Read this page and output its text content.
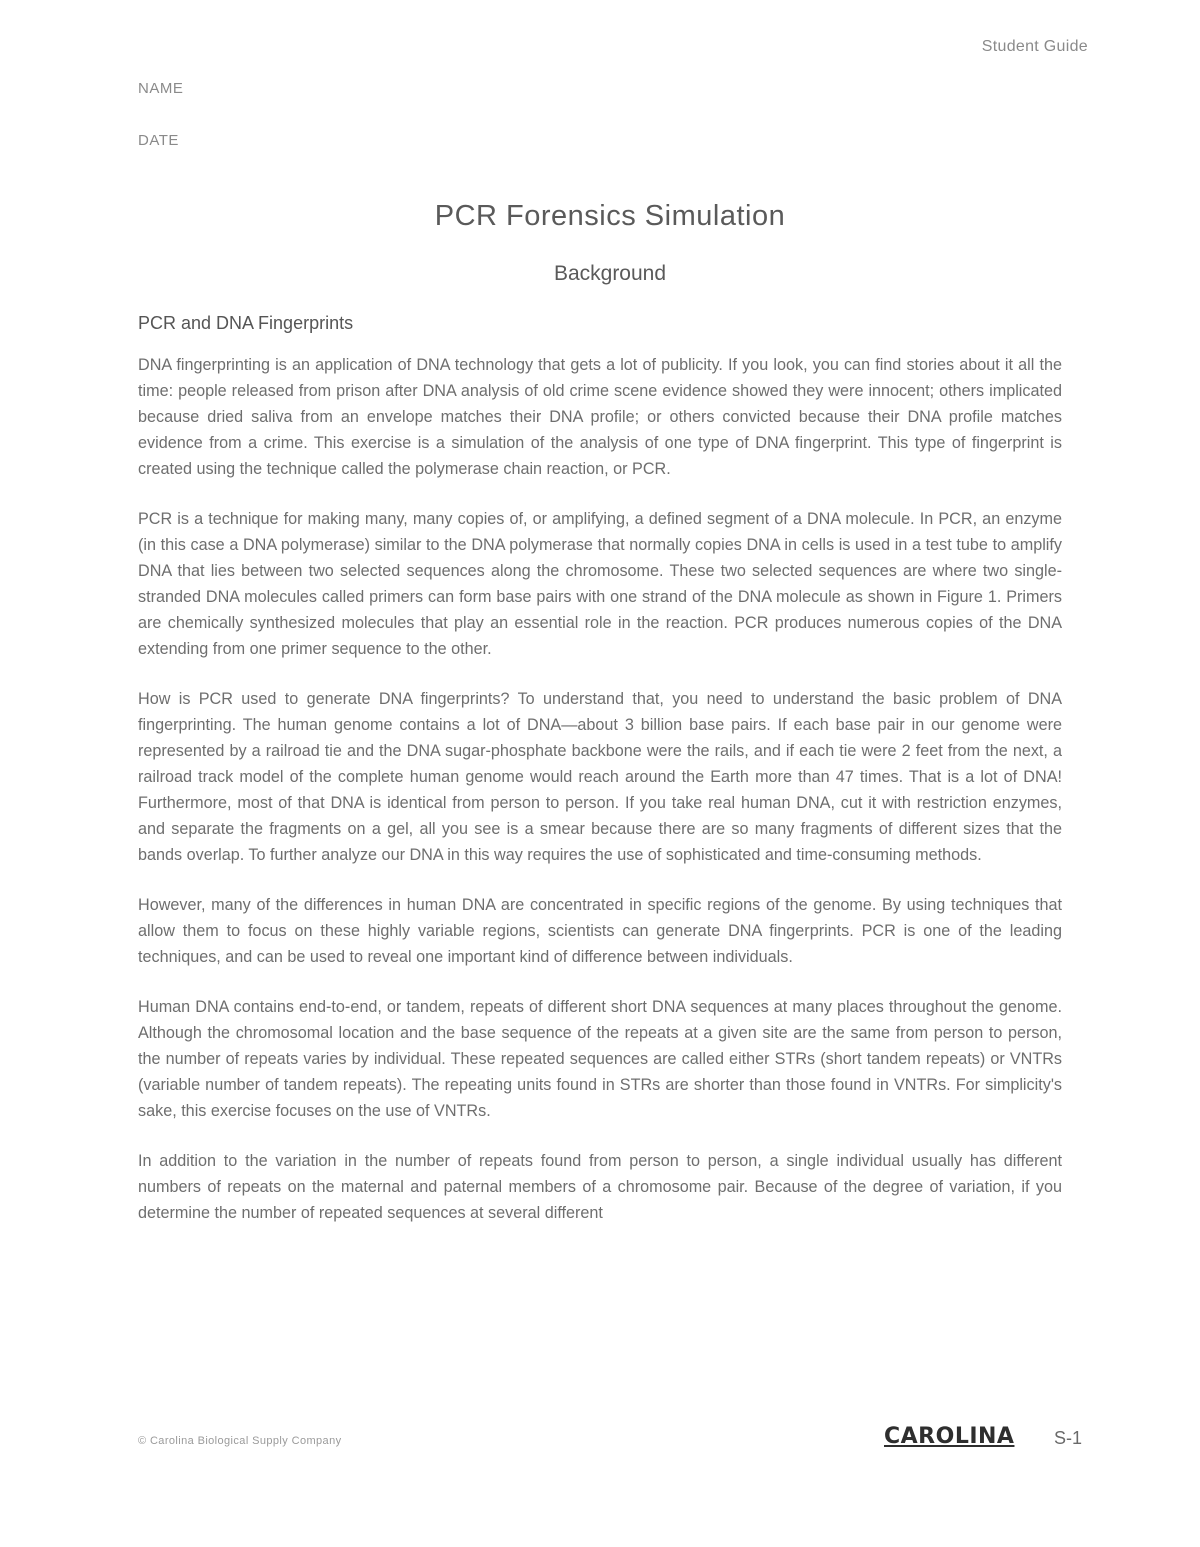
Student Guide
NAME
DATE
PCR Forensics Simulation
Background
PCR and DNA Fingerprints

DNA fingerprinting is an application of DNA technology that gets a lot of publicity. If you look, you can find stories about it all the time: people released from prison after DNA analysis of old crime scene evidence showed they were innocent; others implicated because dried saliva from an envelope matches their DNA profile; or others convicted because their DNA profile matches evidence from a crime. This exercise is a simulation of the analysis of one type of DNA fingerprint. This type of fingerprint is created using the technique called the polymerase chain reaction, or PCR.

PCR is a technique for making many, many copies of, or amplifying, a defined segment of a DNA molecule. In PCR, an enzyme (in this case a DNA polymerase) similar to the DNA polymerase that normally copies DNA in cells is used in a test tube to amplify DNA that lies between two selected sequences along the chromosome. These two selected sequences are where two single-stranded DNA molecules called primers can form base pairs with one strand of the DNA molecule as shown in Figure 1. Primers are chemically synthesized molecules that play an essential role in the reaction. PCR produces numerous copies of the DNA extending from one primer sequence to the other.

How is PCR used to generate DNA fingerprints? To understand that, you need to understand the basic problem of DNA fingerprinting. The human genome contains a lot of DNA—about 3 billion base pairs. If each base pair in our genome were represented by a railroad tie and the DNA sugar-phosphate backbone were the rails, and if each tie were 2 feet from the next, a railroad track model of the complete human genome would reach around the Earth more than 47 times. That is a lot of DNA! Furthermore, most of that DNA is identical from person to person. If you take real human DNA, cut it with restriction enzymes, and separate the fragments on a gel, all you see is a smear because there are so many fragments of different sizes that the bands overlap. To further analyze our DNA in this way requires the use of sophisticated and time-consuming methods.

However, many of the differences in human DNA are concentrated in specific regions of the genome. By using techniques that allow them to focus on these highly variable regions, scientists can generate DNA fingerprints. PCR is one of the leading techniques, and can be used to reveal one important kind of difference between individuals.

Human DNA contains end-to-end, or tandem, repeats of different short DNA sequences at many places throughout the genome. Although the chromosomal location and the base sequence of the repeats at a given site are the same from person to person, the number of repeats varies by individual. These repeated sequences are called either STRs (short tandem repeats) or VNTRs (variable number of tandem repeats). The repeating units found in STRs are shorter than those found in VNTRs. For simplicity's sake, this exercise focuses on the use of VNTRs.

In addition to the variation in the number of repeats found from person to person, a single individual usually has different numbers of repeats on the maternal and paternal members of a chromosome pair. Because of the degree of variation, if you determine the number of repeated sequences at several different

© Carolina Biological Supply Company	CAROLINA S-1
